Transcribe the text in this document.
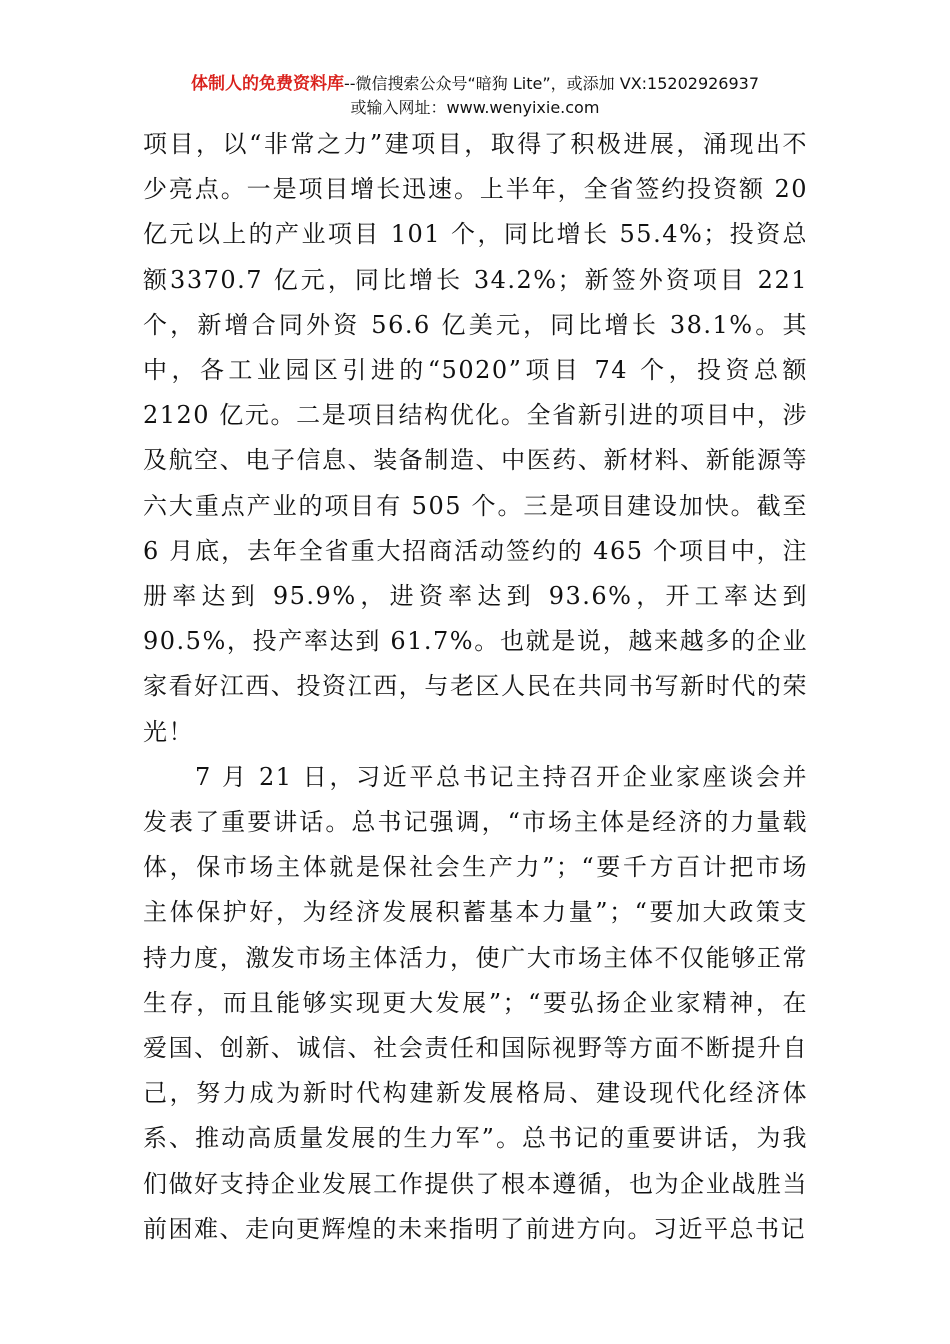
体制人的免费资料库--微信搜索公众号“暗狗 Lite”，或添加 VX:15202926937
或输入网址：www.wenyixie.com

项目，以“非常之力”建项目，取得了积极进展，涌现出不少亮点。一是项目增长迅速。上半年，全省签约投资额 20 亿元以上的产业项目 101 个，同比增长 55.4%；投资总额3370.7 亿元，同比增长 34.2%；新签外资项目 221 个，新增合同外资 56.6 亿美元，同比增长 38.1%。其中，各工业园区引进的“5020”项目 74 个，投资总额 2120 亿元。二是项目结构优化。全省新引进的项目中，涉及航空、电子信息、装备制造、中医药、新材料、新能源等六大重点产业的项目有 505 个。三是项目建设加快。截至 6 月底，去年全省重大招商活动签约的 465 个项目中，注册率达到 95.9%，进资率达到 93.6%，开工率达到 90.5%，投产率达到 61.7%。也就是说，越来越多的企业家看好江西、投资江西，与老区人民在共同书写新时代的荣光！

7 月 21 日，习近平总书记主持召开企业家座谈会并发表了重要讲话。总书记强调，“市场主体是经济的力量载体，保市场主体就是保社会生产力”；“要千方百计把市场主体保护好，为经济发展积蓄基本力量”；“要加大政策支持力度，激发市场主体活力，使广大市场主体不仅能够正常生存，而且能够实现更大发展”；“要弘扬企业家精神，在爱国、创新、诚信、社会责任和国际视野等方面不断提升自己，努力成为新时代构建新发展格局、建设现代化经济体系、推动高质量发展的生力军”。总书记的重要讲话，为我们做好支持企业发展工作提供了根本遵循，也为企业战胜当前困难、走向更辉煌的未来指明了前进方向。习近平总书记
